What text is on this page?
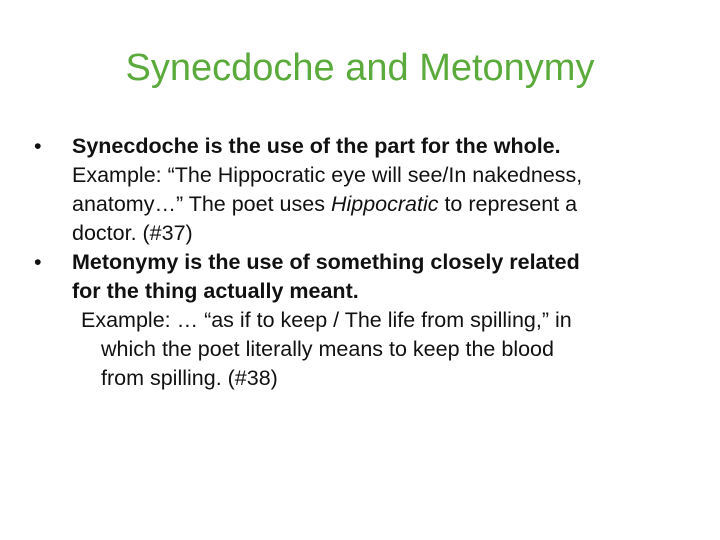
Synecdoche and Metonymy
•	Synecdoche is the use of the part for the whole.
Example: “The Hippocratic eye will see/In nakedness,
anatomy…” The poet uses Hippocratic to represent a
doctor. (#37)
•	Metonymy is the use of something closely related
for the thing actually meant.
Example: … “as if to keep / The life from spilling,” in
which the poet literally means to keep the blood
from spilling. (#38)
